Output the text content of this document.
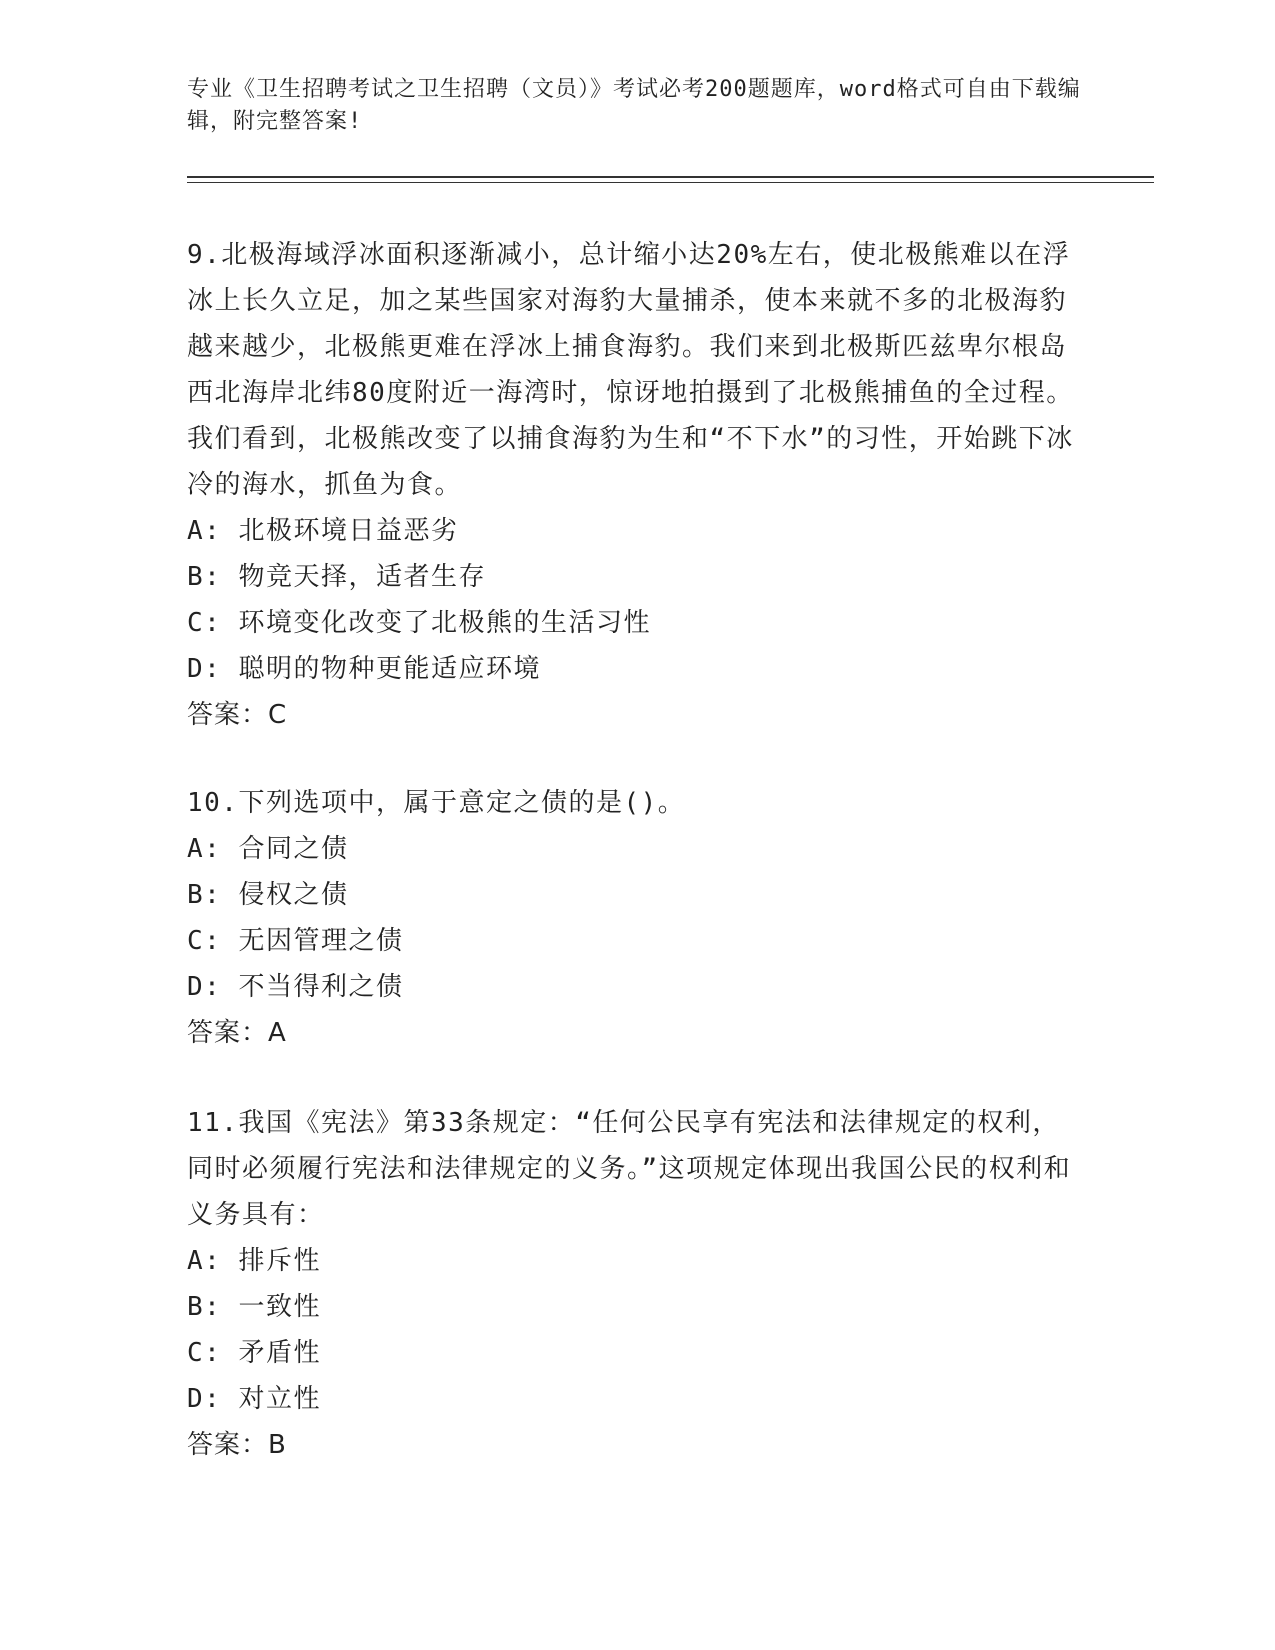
专业《卫生招聘考试之卫生招聘（文员）》考试必考200题题库，word格式可自由下载编辑，附完整答案!

9.北极海域浮冰面积逐渐减小，总计缩小达20%左右，使北极熊难以在浮冰上长久立足，加之某些国家对海豹大量捕杀，使本来就不多的北极海豹越来越少，北极熊更难在浮冰上捕食海豹。我们来到北极斯匹兹卑尔根岛西北海岸北纬80度附近一海湾时，惊讶地拍摄到了北极熊捕鱼的全过程。我们看到，北极熊改变了以捕食海豹为生和“不下水”的习性，开始跳下冰冷的海水，抓鱼为食。

A: 北极环境日益恶劣

B: 物竞天择，适者生存

C: 环境变化改变了北极熊的生活习性

D: 聪明的物种更能适应环境

答案：C

10.下列选项中，属于意定之债的是()。

A: 合同之债

B: 侵权之债

C: 无因管理之债

D: 不当得利之债

答案：A

11.我国《宪法》第33条规定：“任何公民享有宪法和法律规定的权利，同时必须履行宪法和法律规定的义务。”这项规定体现出我国公民的权利和义务具有：

A: 排斥性

B: 一致性

C: 矛盾性

D: 对立性

答案：B
